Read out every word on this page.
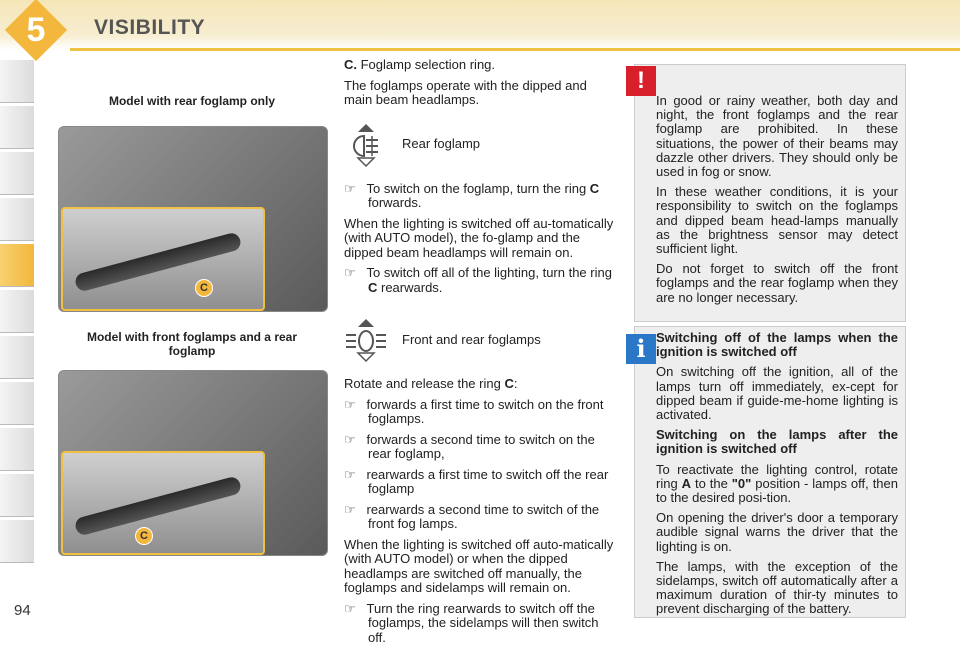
5	VISIBILITY
Model with rear foglamp only
C
Model with front foglamps and a rear foglamp
C

C. Foglamp selection ring.

The foglamps operate with the dipped and main beam headlamps.

Rear foglamp

☞   To switch on the foglamp, turn the ring C forwards.

When the lighting is switched off au-tomatically (with AUTO model), the fo-glamp and the dipped beam headlamps will remain on.

☞   To switch off all of the lighting, turn the ring C rearwards.

Front and rear foglamps

Rotate and release the ring C:

☞   forwards a first time to switch on the front foglamps.

☞   forwards a second time to switch on the rear foglamp,

☞   rearwards a first time to switch off the rear foglamp

☞   rearwards a second time to switch of the front fog lamps.

When the lighting is switched off auto-matically (with AUTO model) or when the dipped headlamps are switched off manually, the foglamps and sidelamps will remain on.

☞   Turn the ring rearwards to switch off the foglamps, the sidelamps will then switch off.

!

In good or rainy weather, both day and night, the front foglamps and the rear foglamp are prohibited. In these situations, the power of their beams may dazzle other drivers. They should only be used in fog or snow.

In these weather conditions, it is your responsibility to switch on the foglamps and dipped beam head-lamps manually as the brightness sensor may detect sufficient light.

Do not forget to switch off the front foglamps and the rear foglamp when they are no longer necessary.

i Switching off of the lamps when the ignition is switched off

On switching off the ignition, all of the lamps turn off immediately, ex-cept for dipped beam if guide-me-home lighting is activated.

Switching on the lamps after the ignition is switched off

To reactivate the lighting control, rotate ring A to the "0" position - lamps off, then to the desired posi-tion.

On opening the driver's door a temporary audible signal warns the driver that the lighting is on.

The lamps, with the exception of the sidelamps, switch off automatically after a maximum duration of thir-ty minutes to prevent discharging of the battery.

94
